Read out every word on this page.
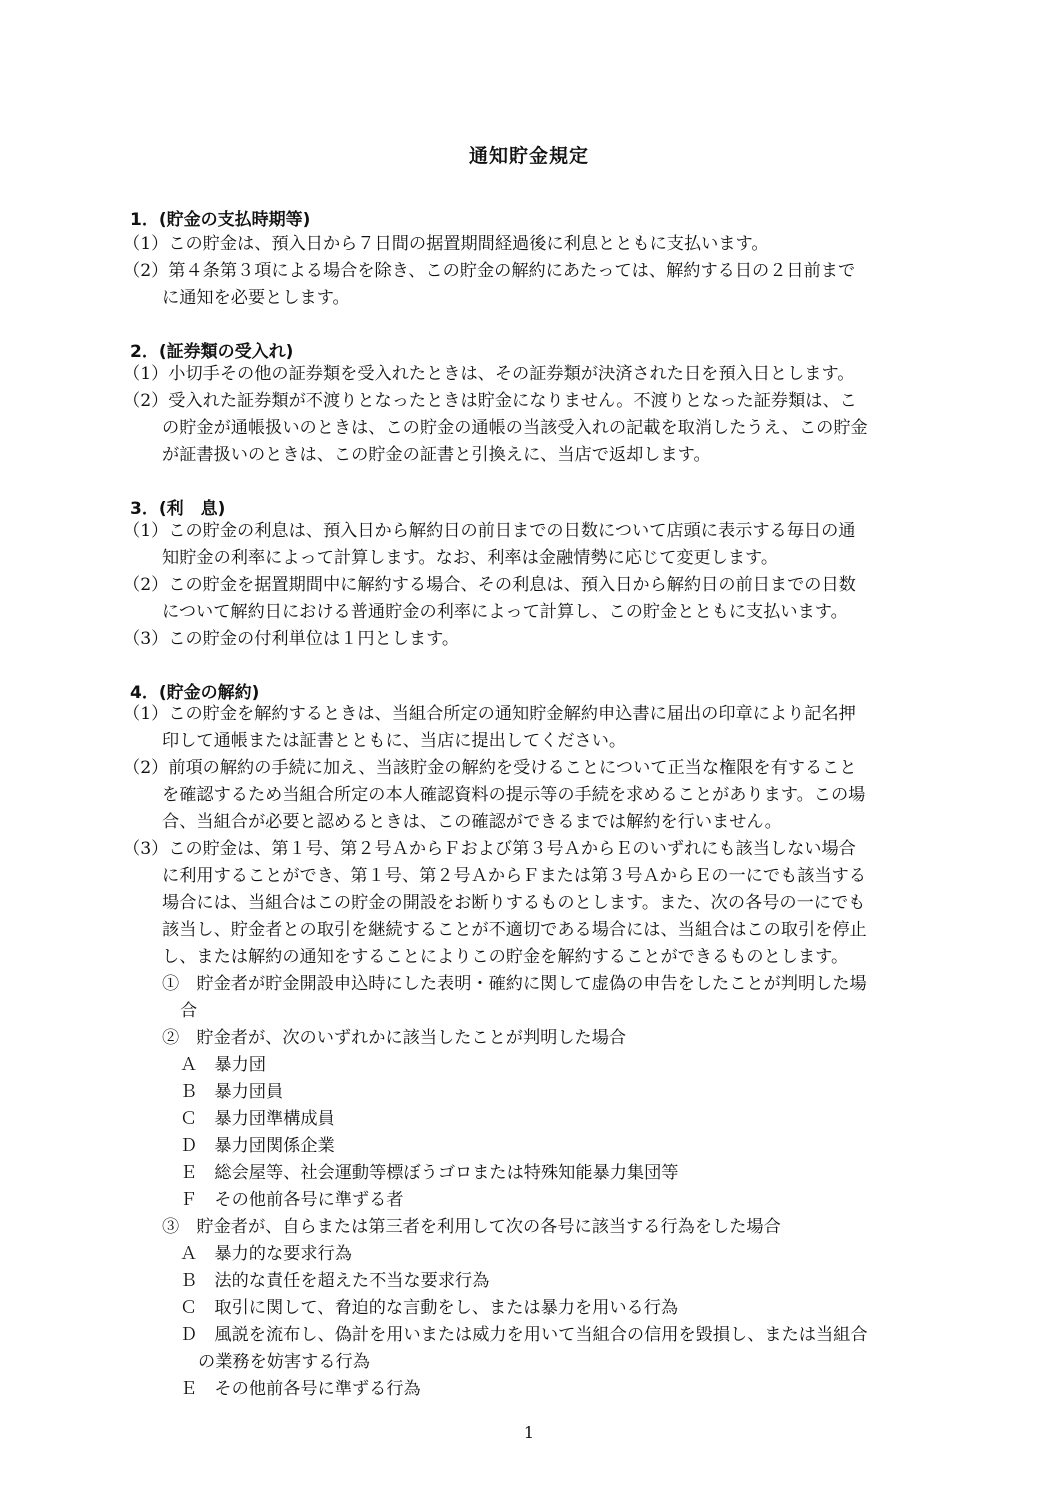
通知貯金規定
1．(貯金の支払時期等)
（1）この貯金は、預入日から７日間の据置期間経過後に利息とともに支払います。
（2）第４条第３項による場合を除き、この貯金の解約にあたっては、解約する日の２日前まで
に通知を必要とします。
2．(証券類の受入れ)
（1）小切手その他の証券類を受入れたときは、その証券類が決済された日を預入日とします。
（2）受入れた証券類が不渡りとなったときは貯金になりません。不渡りとなった証券類は、こ
の貯金が通帳扱いのときは、この貯金の通帳の当該受入れの記載を取消したうえ、この貯金
が証書扱いのときは、この貯金の証書と引換えに、当店で返却します。
3．(利　息)
（1）この貯金の利息は、預入日から解約日の前日までの日数について店頭に表示する毎日の通
知貯金の利率によって計算します。なお、利率は金融情勢に応じて変更します。
（2）この貯金を据置期間中に解約する場合、その利息は、預入日から解約日の前日までの日数
について解約日における普通貯金の利率によって計算し、この貯金とともに支払います。
（3）この貯金の付利単位は１円とします。
4．(貯金の解約)
（1）この貯金を解約するときは、当組合所定の通知貯金解約申込書に届出の印章により記名押
印して通帳または証書とともに、当店に提出してください。
（2）前項の解約の手続に加え、当該貯金の解約を受けることについて正当な権限を有すること
を確認するため当組合所定の本人確認資料の提示等の手続を求めることがあります。この場
合、当組合が必要と認めるときは、この確認ができるまでは解約を行いません。
（3）この貯金は、第１号、第２号ＡからＦおよび第３号ＡからＥのいずれにも該当しない場合
に利用することができ、第１号、第２号ＡからＦまたは第３号ＡからＥの一にでも該当する
場合には、当組合はこの貯金の開設をお断りするものとします。また、次の各号の一にでも
該当し、貯金者との取引を継続することが不適切である場合には、当組合はこの取引を停止
し、または解約の通知をすることによりこの貯金を解約することができるものとします。
①　貯金者が貯金開設申込時にした表明・確約に関して虚偽の申告をしたことが判明した場
合
②　貯金者が、次のいずれかに該当したことが判明した場合
Ａ　暴力団
Ｂ　暴力団員
Ｃ　暴力団準構成員
Ｄ　暴力団関係企業
Ｅ　総会屋等、社会運動等標ぼうゴロまたは特殊知能暴力集団等
Ｆ　その他前各号に準ずる者
③　貯金者が、自らまたは第三者を利用して次の各号に該当する行為をした場合
Ａ　暴力的な要求行為
Ｂ　法的な責任を超えた不当な要求行為
Ｃ　取引に関して、脅迫的な言動をし、または暴力を用いる行為
Ｄ　風説を流布し、偽計を用いまたは威力を用いて当組合の信用を毀損し、または当組合
の業務を妨害する行為
Ｅ　その他前各号に準ずる行為
1
